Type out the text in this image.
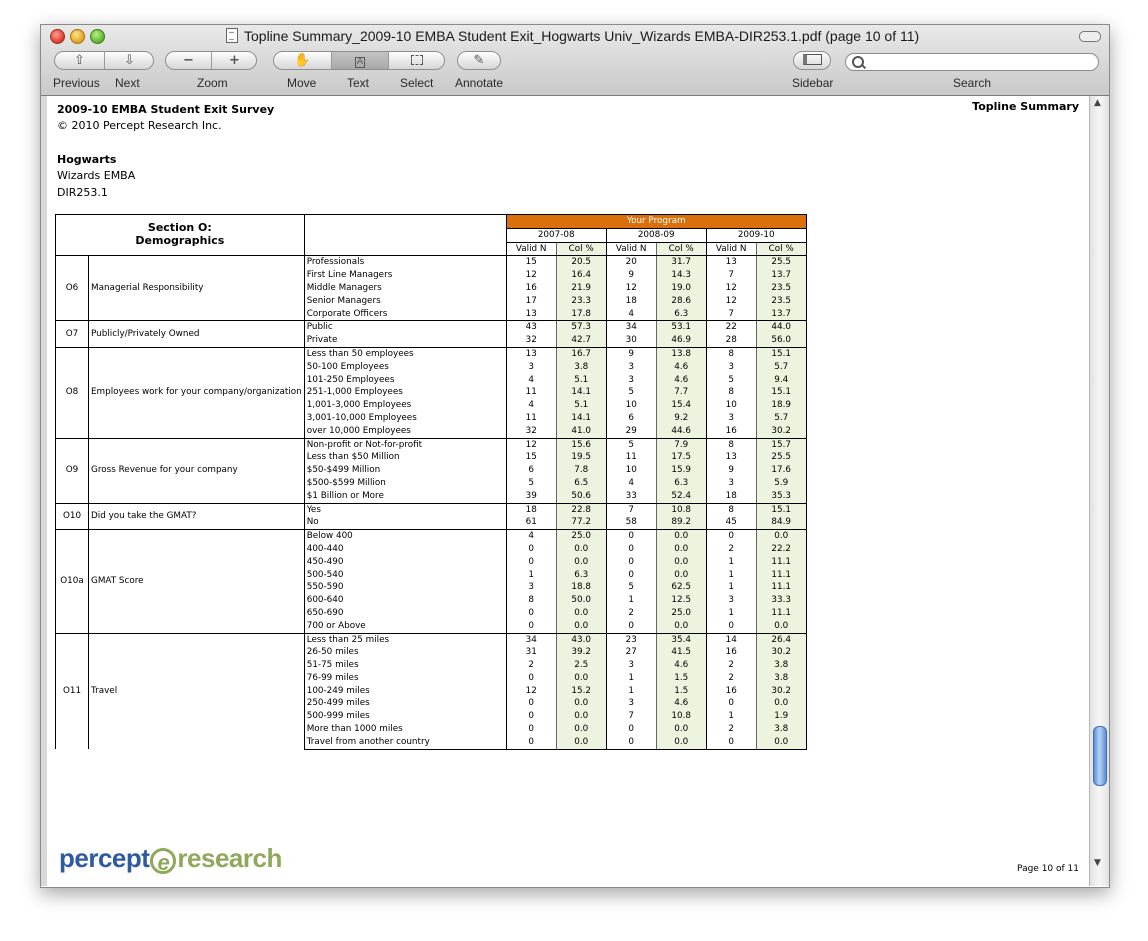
Topline Summary_2009-10 EMBA Student Exit_Hogwarts Univ_Wizards EMBA-DIR253.1.pdf (page 10 of 11)
⇧	⇩	−	+	✋	A	✎
Previous Next	Zoom	Move	Text	Select Annotate	Sidebar	Search
2009-10 EMBA Student Exit Survey
© 2010 Percept Research Inc.
Topline Summary
Hogwarts
Wizards EMBA
DIR253.1
Section O:
Demographics			Your Program					
			2007-08		2008-09		2009-10	
			Valid N	Col %	Valid N	Col %	Valid N	Col %
O6	Managerial Responsibility	Professionals	15	20.5	20	31.7	13	25.5
		First Line Managers	12	16.4	9	14.3	7	13.7
		Middle Managers	16	21.9	12	19.0	12	23.5
		Senior Managers	17	23.3	18	28.6	12	23.5
		Corporate Officers	13	17.8	4	6.3	7	13.7
O7	Publicly/Privately Owned	Public	43	57.3	34	53.1	22	44.0
		Private	32	42.7	30	46.9	28	56.0
O8	Employees work for your company/organization	Less than 50 employees	13	16.7	9	13.8	8	15.1
		50-100 Employees	3	3.8	3	4.6	3	5.7
		101-250 Employees	4	5.1	3	4.6	5	9.4
		251-1,000 Employees	11	14.1	5	7.7	8	15.1
		1,001-3,000 Employees	4	5.1	10	15.4	10	18.9
		3,001-10,000 Employees	11	14.1	6	9.2	3	5.7
		over 10,000 Employees	32	41.0	29	44.6	16	30.2
O9	Gross Revenue for your company	Non-profit or Not-for-profit	12	15.6	5	7.9	8	15.7
		Less than $50 Million	15	19.5	11	17.5	13	25.5
		$50-$499 Million	6	7.8	10	15.9	9	17.6
		$500-$599 Million	5	6.5	4	6.3	3	5.9
		$1 Billion or More	39	50.6	33	52.4	18	35.3
O10	Did you take the GMAT?	Yes	18	22.8	7	10.8	8	15.1
		No	61	77.2	58	89.2	45	84.9
O10a	GMAT Score	Below 400	4	25.0	0	0.0	0	0.0
		400-440	0	0.0	0	0.0	2	22.2
		450-490	0	0.0	0	0.0	1	11.1
		500-540	1	6.3	0	0.0	1	11.1
		550-590	3	18.8	5	62.5	1	11.1
		600-640	8	50.0	1	12.5	3	33.3
		650-690	0	0.0	2	25.0	1	11.1
		700 or Above	0	0.0	0	0.0	0	0.0
O11	Travel	Less than 25 miles	34	43.0	23	35.4	14	26.4
		26-50 miles	31	39.2	27	41.5	16	30.2
		51-75 miles	2	2.5	3	4.6	2	3.8
		76-99 miles	0	0.0	1	1.5	2	3.8
		100-249 miles	12	15.2	1	1.5	16	30.2
		250-499 miles	0	0.0	3	4.6	0	0.0
		500-999 miles	0	0.0	7	10.8	1	1.9
		More than 1000 miles	0	0.0	0	0.0	2	3.8
		Travel from another country	0	0.0	0	0.0	0	0.0
percept e research	Page 10 of 11
▲
▼
